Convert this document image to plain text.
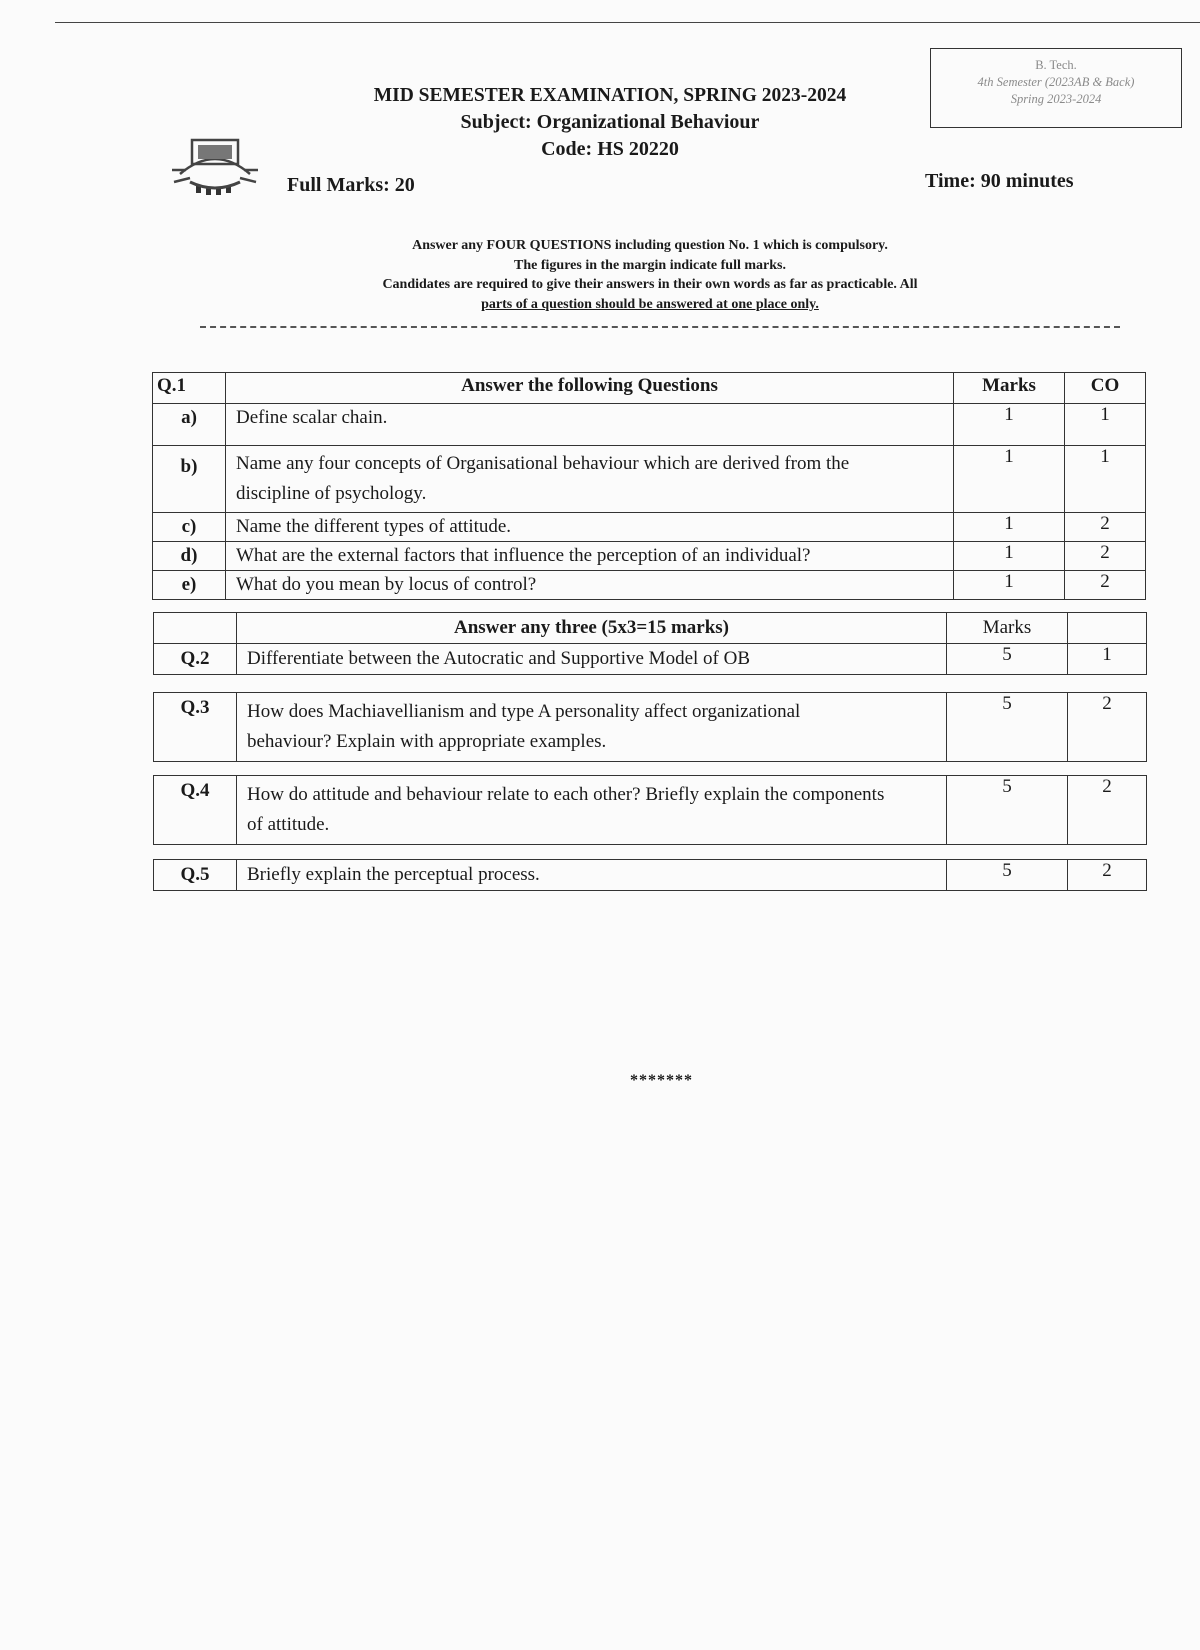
MID SEMESTER EXAMINATION, SPRING 2023-2024
Subject: Organizational Behaviour
Code: HS 20220
B. Tech.
4th Semester (2023AB & Back)
Spring 2023-2024
Full Marks: 20	Time: 90 minutes
Answer any FOUR QUESTIONS including question No. 1 which is compulsory.
The figures in the margin indicate full marks.
Candidates are required to give their answers in their own words as far as practicable. All
parts of a question should be answered at one place only.
Q.1	Answer the following Questions	Marks	CO
a)	Define scalar chain.	1	1
b)	Name any four concepts of Organisational behaviour which are derived from the discipline of psychology.	1	1
c)	Name the different types of attitude.	1	2
d)	What are the external factors that influence the perception of an individual?	1	2
e)	What do you mean by locus of control?	1	2
	Answer any three (5x3=15 marks)	Marks	
Q.2	Differentiate between the Autocratic and Supportive Model of OB	5	1
Q.3	How does Machiavellianism and type A personality affect organizational behaviour? Explain with appropriate examples.	5	2
Q.4	How do attitude and behaviour relate to each other? Briefly explain the components of attitude.	5	2
Q.5	Briefly explain the perceptual process.	5	2
*******
